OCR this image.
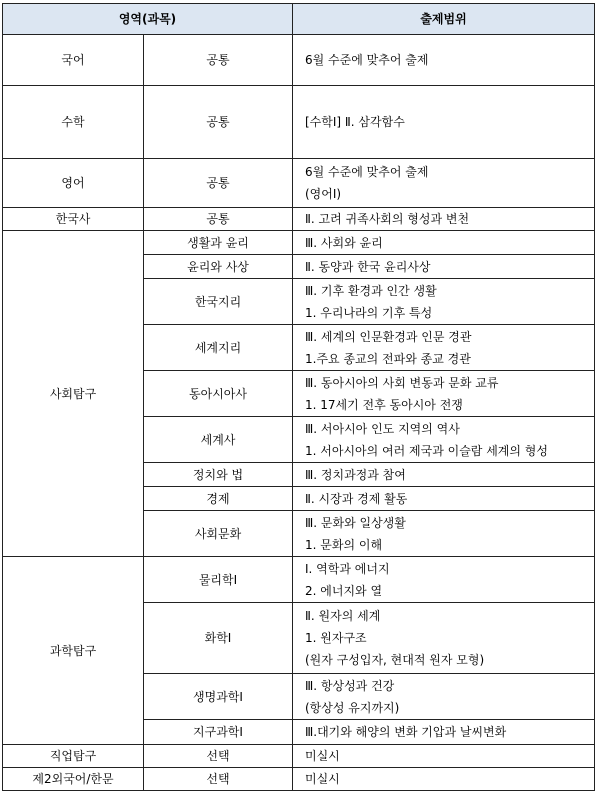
영역(과목)		출제범위
국어	공통	6월 수준에 맞추어 출제

수학	공통	[수학Ⅰ] Ⅱ. 삼각함수

영어	공통	6월 수준에 맞추어 출제
(영어Ⅰ)

한국사	공통	Ⅱ. 고려 귀족사회의 형성과 변천

사회탐구	생활과 윤리	Ⅲ. 사회와 윤리

	윤리와 사상	Ⅱ. 동양과 한국 윤리사상

	한국지리	Ⅲ. 기후 환경과 인간 생활
1. 우리나라의 기후 특성

	세계지리	Ⅲ. 세계의 인문환경과 인문 경관
1.주요 종교의 전파와 종교 경관

	동아시아사	Ⅲ. 동아시아의 사회 변동과 문화 교류
1. 17세기 전후 동아시아 전쟁

	세계사	Ⅲ. 서아시아 인도 지역의 역사
1. 서아시아의 여러 제국과 이슬람 세계의 형성

	정치와 법	Ⅲ. 정치과정과 참여

	경제	Ⅱ. 시장과 경제 활동

	사회문화	Ⅲ. 문화와 일상생활
1. 문화의 이해

과학탐구	물리학Ⅰ	Ⅰ. 역학과 에너지
2. 에너지와 열

	화학Ⅰ	Ⅱ. 원자의 세계
1. 원자구조
(원자 구성입자, 현대적 원자 모형)

	생명과학Ⅰ	Ⅲ. 항상성과 건강
(항상성 유지까지)

	지구과학Ⅰ	Ⅲ.대기와 해양의 변화 기압과 날씨변화

직업탐구	선택	미실시

제2외국어/한문	선택	미실시
